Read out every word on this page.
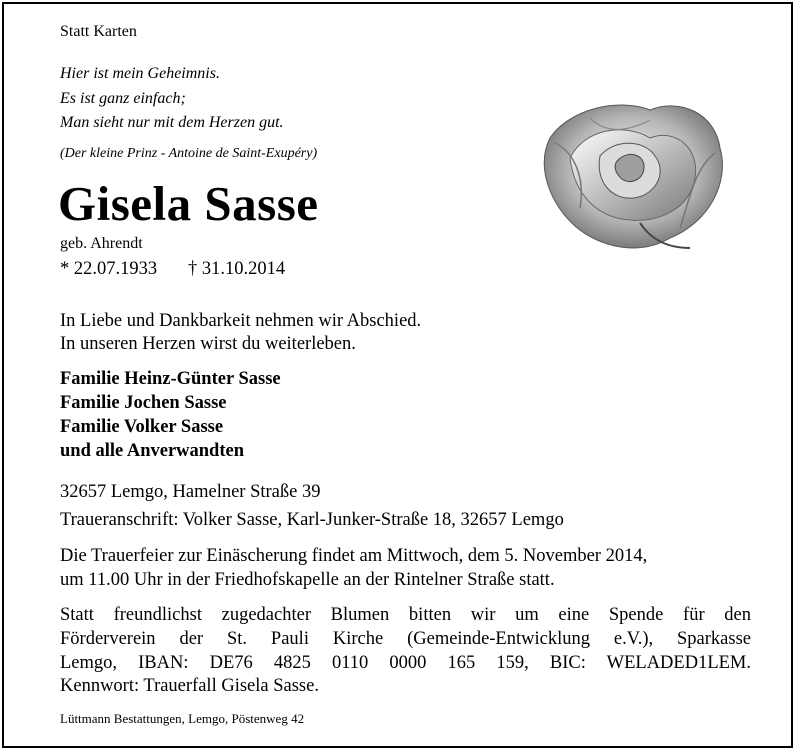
Statt Karten

Hier ist mein Geheimnis.

Es ist ganz einfach;

Man sieht nur mit dem Herzen gut.

(Der kleine Prinz - Antoine de Saint-Exupéry)

Gisela Sasse

geb. Ahrendt

* 22.07.1933 † 31.10.2014

In Liebe und Dankbarkeit nehmen wir Abschied.

In unseren Herzen wirst du weiterleben.

Familie Heinz-Günter Sasse

Familie Jochen Sasse

Familie Volker Sasse

und alle Anverwandten

32657 Lemgo, Hamelner Straße 39

Traueranschrift: Volker Sasse, Karl-Junker-Straße 18, 32657 Lemgo

Die Trauerfeier zur Einäscherung findet am Mittwoch, dem 5. November 2014,

um 11.00 Uhr in der Friedhofskapelle an der Rintelner Straße statt.

Statt freundlichst zugedachter Blumen bitten wir um eine Spende für den

Förderverein der St. Pauli Kirche (Gemeinde-Entwicklung e.V.), Sparkasse

Lemgo, IBAN: DE76 4825 0110 0000 165 159, BIC: WELADED1LEM.

Kennwort: Trauerfall Gisela Sasse.

Lüttmann Bestattungen, Lemgo, Pöstenweg 42
